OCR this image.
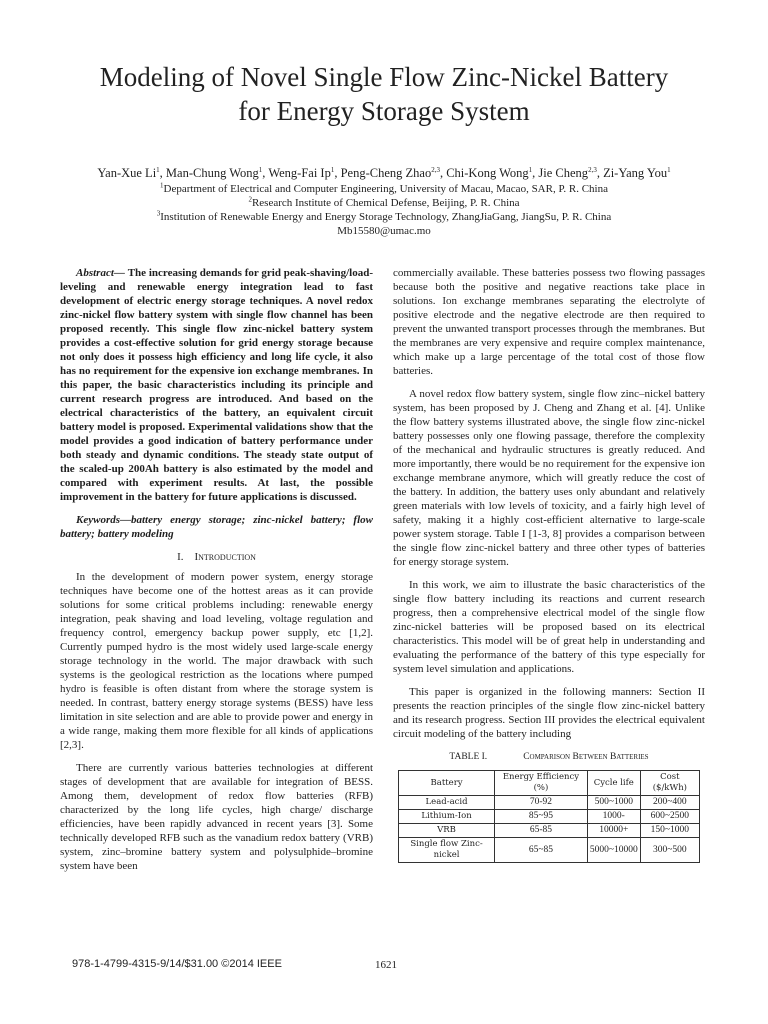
Modeling of Novel Single Flow Zinc-Nickel Battery
for Energy Storage System
Yan-Xue Li$^1$, Man-Chung Wong$^1$, Weng-Fai Ip$^1$, Peng-Cheng Zhao$^{2,3}$, Chi-Kong Wong$^1$, Jie Cheng$^{2,3}$, Zi-Yang You$^1$
$^1$Department of Electrical and Computer Engineering, University of Macau, Macao, SAR, P. R. China
$^2$Research Institute of Chemical Defense, Beijing, P. R. China
$^3$Institution of Renewable Energy and Energy Storage Technology, ZhangJiaGang, JiangSu, P. R. China
Mb15580@umac.mo

Abstract— The increasing demands for grid peak-shaving/load-leveling and renewable energy integration lead to fast development of electric energy storage techniques. A novel redox zinc-nickel flow battery system with single flow channel has been proposed recently. This single flow zinc-nickel battery system provides a cost-effective solution for grid energy storage because not only does it possess high efficiency and long life cycle, it also has no requirement for the expensive ion exchange membranes. In this paper, the basic characteristics including its principle and current research progress are introduced. And based on the electrical characteristics of the battery, an equivalent circuit battery model is proposed. Experimental validations show that the model provides a good indication of battery performance under both steady and dynamic conditions. The steady state output of the scaled-up 200Ah battery is also estimated by the model and compared with experiment results. At last, the possible improvement in the battery for future applications is discussed.

Keywords—battery energy storage; zinc-nickel battery; flow battery; battery modeling

I. Introduction

In the development of modern power system, energy storage techniques have become one of the hottest areas as it can provide solutions for some critical problems including: renewable energy integration, peak shaving and load leveling, voltage regulation and frequency control, emergency backup power supply, etc [1,2]. Currently pumped hydro is the most widely used large-scale energy storage technology in the world. The major drawback with such systems is the geological restriction as the locations where pumped hydro is feasible is often distant from where the storage system is needed. In contrast, battery energy storage systems (BESS) have less limitation in site selection and are able to provide power and energy in a wide range, making them more flexible for all kinds of applications [2,3].

There are currently various batteries technologies at different stages of development that are available for integration of BESS. Among them, development of redox flow batteries (RFB) characterized by the long life cycles, high charge/ discharge efficiencies, have been rapidly advanced in recent years [3]. Some technically developed RFB such as the vanadium redox battery (VRB) system, zinc–bromine battery system and polysulphide–bromine system have been

commercially available. These batteries possess two flowing passages because both the positive and negative reactions take place in solutions. Ion exchange membranes separating the electrolyte of positive electrode and the negative electrode are then required to prevent the unwanted transport processes through the membranes. But the membranes are very expensive and require complex maintenance, which make up a large percentage of the total cost of those flow batteries.

A novel redox flow battery system, single flow zinc–nickel battery system, has been proposed by J. Cheng and Zhang et al. [4]. Unlike the flow battery systems illustrated above, the single flow zinc-nickel battery possesses only one flowing passage, therefore the complexity of the mechanical and hydraulic structures is greatly reduced. And more importantly, there would be no requirement for the expensive ion exchange membrane anymore, which will greatly reduce the cost of the battery. In addition, the battery uses only abundant and relatively green materials with low levels of toxicity, and a fairly high level of safety, making it a highly cost-efficient alternative to large-scale power system storage. Table I [1-3, 8] provides a comparison between the single flow zinc-nickel battery and three other types of batteries for energy storage system.

In this work, we aim to illustrate the basic characteristics of the single flow battery including its reactions and current research progress, then a comprehensive electrical model of the single flow zinc-nickel batteries will be proposed based on its electrical characteristics. This model will be of great help in understanding and evaluating the performance of the battery of this type especially for system level simulation and applications.

This paper is organized in the following manners: Section II presents the reaction principles of the single flow zinc-nickel battery and its research progress. Section III provides the electrical equivalent circuit modeling of the battery including

TABLE I.	Comparison Between Batteries
Battery	Energy Efficiency (%)	Cycle life	Cost ($/kWh)
Lead-acid	70-92	500~1000	200~400
Lithium-Ion	85~95	1000-	600~2500
VRB	65-85	10000+	150~1000
Single flow Zinc-nickel	65~85	5000~10000	300~500
978-1-4799-4315-9/14/$31.00 ©2014 IEEE	1621
